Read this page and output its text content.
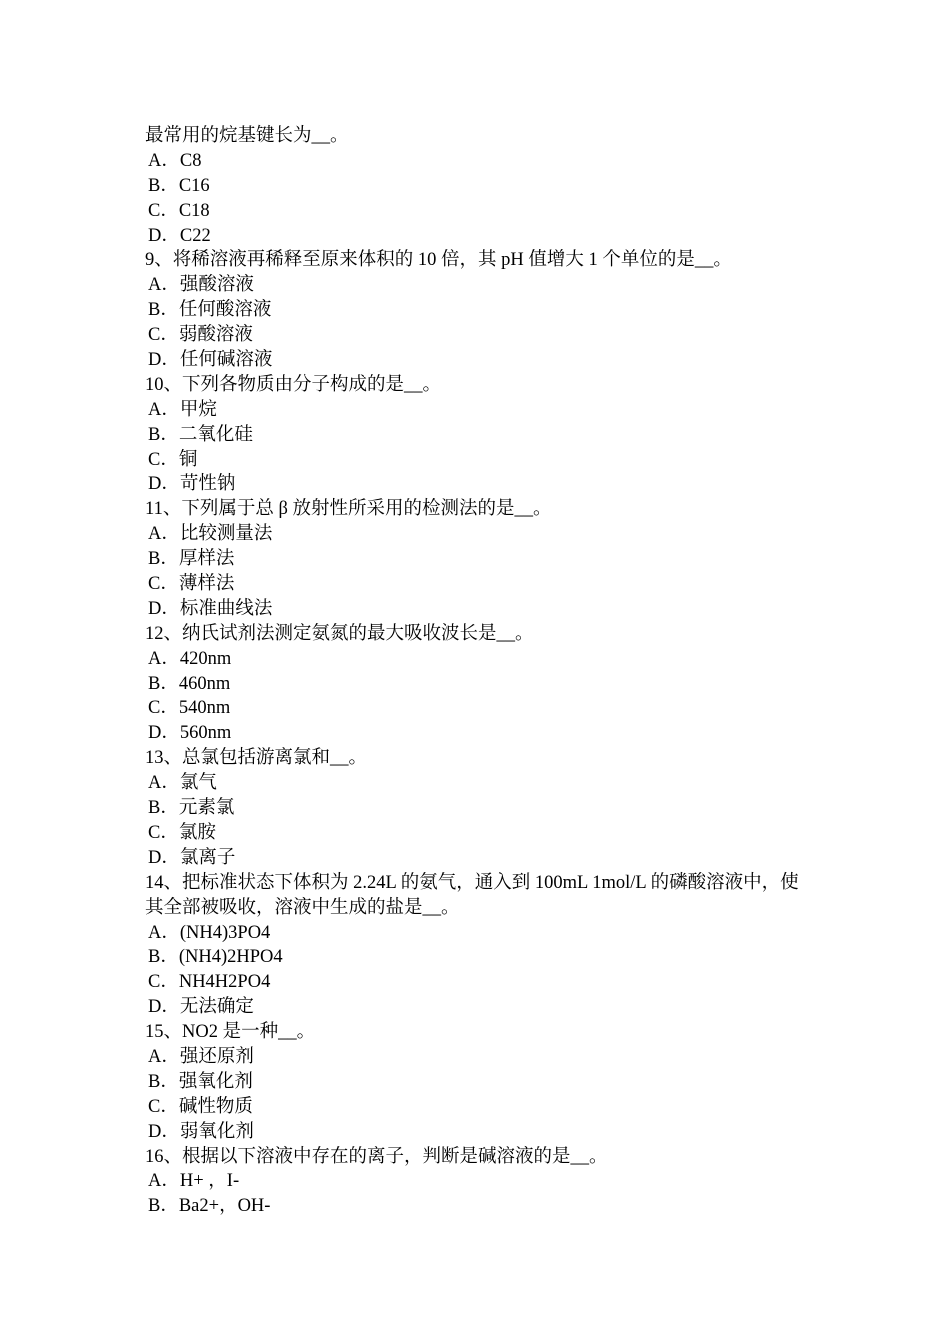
最常用的烷基键长为__。
A．C8
B．C16
C．C18
D．C22
9、将稀溶液再稀释至原来体积的 10 倍，其 pH 值增大 1 个单位的是__。
A．强酸溶液
B．任何酸溶液
C．弱酸溶液
D．任何碱溶液
10、下列各物质由分子构成的是__。
A．甲烷
B．二氧化硅
C．铜
D．苛性钠
11、下列属于总 β 放射性所采用的检测法的是__。
A．比较测量法
B．厚样法
C．薄样法
D．标准曲线法
12、纳氏试剂法测定氨氮的最大吸收波长是__。
A．420nm
B．460nm
C．540nm
D．560nm
13、总氯包括游离氯和__。
A．氯气
B．元素氯
C．氯胺
D．氯离子
14、把标准状态下体积为 2.24L 的氨气，通入到 100mL 1mol/L 的磷酸溶液中，使
其全部被吸收，溶液中生成的盐是__。
A．(NH4)3PO4
B．(NH4)2HPO4
C．NH4H2PO4
D．无法确定
15、NO2 是一种__。
A．强还原剂
B．强氧化剂
C．碱性物质
D．弱氧化剂
16、根据以下溶液中存在的离子，判断是碱溶液的是__。
A．H+ ，I-
B．Ba2+，OH-
